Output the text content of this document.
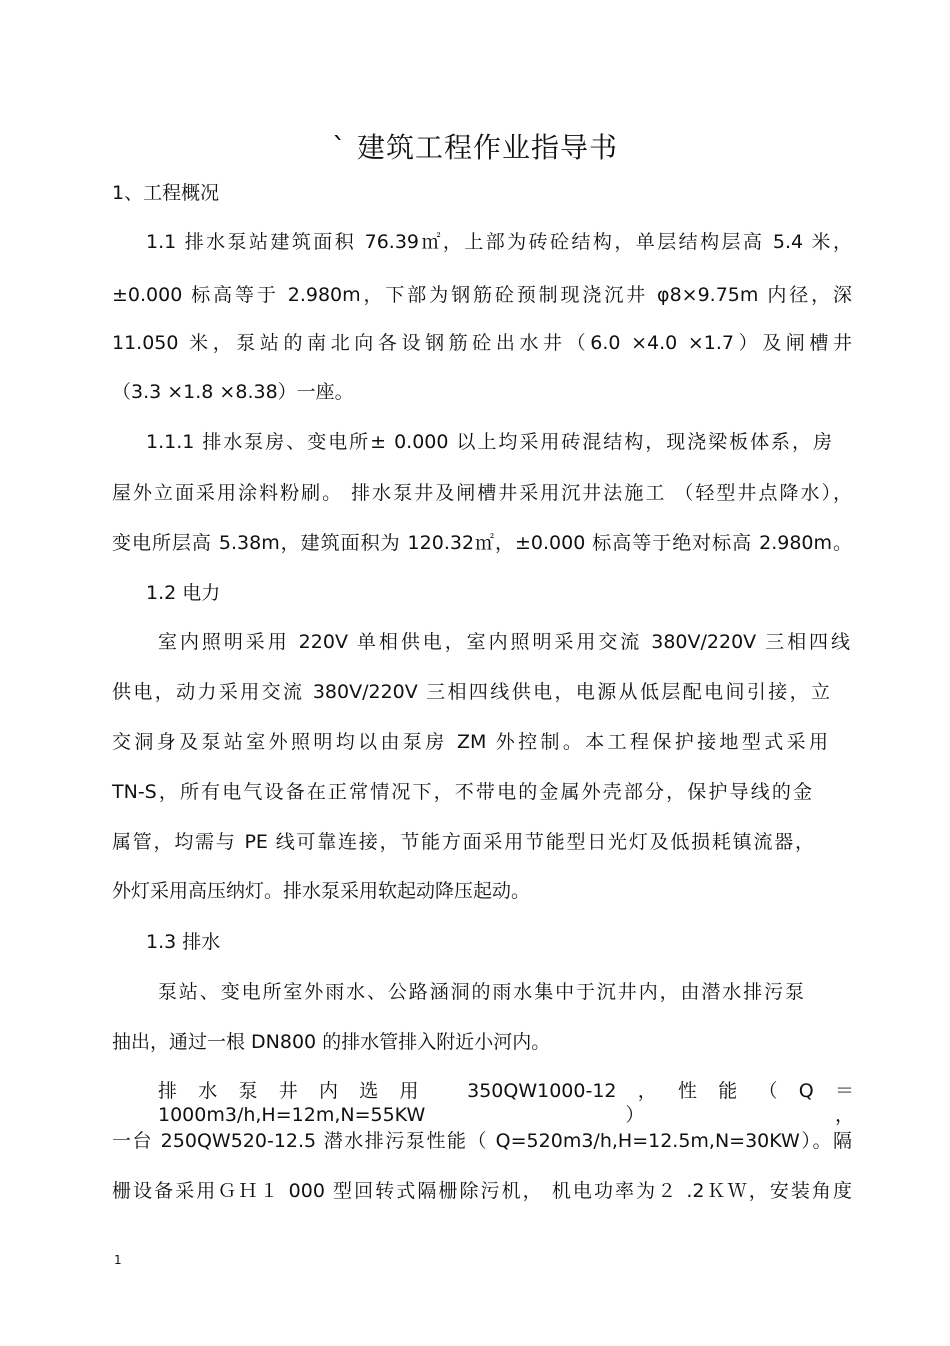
` 建筑工程作业指导书
1、工程概况
1.1 排水泵站建筑面积 76.39㎡，上部为砖砼结构，单层结构层高 5.4 米，
±0.000 标高等于 2.980m，下部为钢筋砼预制现浇沉井 φ8×9.75m 内径，深
11.050 米，泵站的南北向各设钢筋砼出水井（6.0 ×4.0 ×1.7）及闸槽井
（3.3 ×1.8 ×8.38）一座。
1.1.1 排水泵房、变电所± 0.000 以上均采用砖混结构，现浇梁板体系，房
屋外立面采用涂料粉刷。 排水泵井及闸槽井采用沉井法施工 （轻型井点降水），
变电所层高 5.38m，建筑面积为 120.32㎡，±0.000 标高等于绝对标高 2.980m。
1.2 电力
室内照明采用 220V 单相供电，室内照明采用交流 380V/220V 三相四线
供电，动力采用交流 380V/220V 三相四线供电，电源从低层配电间引接，立
交洞身及泵站室外照明均以由泵房 ZM 外控制。本工程保护接地型式采用
TN-S，所有电气设备在正常情况下，不带电的金属外壳部分，保护导线的金
属管，均需与 PE 线可靠连接，节能方面采用节能型日光灯及低损耗镇流器，
外灯采用高压纳灯。排水泵采用软起动降压起动。
1.3 排水
泵站、变电所室外雨水、公路涵洞的雨水集中于沉井内，由潜水排污泵
抽出，通过一根 DN800 的排水管排入附近小河内。
排水泵井内选用 350QW1000-12，性能（Q＝ 1000m3/h,H=12m,N=55KW），
一台 250QW520-12.5 潜水排污泵性能（ Q=520m3/h,H=12.5m,N=30KW）。隔
栅设备采用ＧＨ１ 000 型回转式隔栅除污机， 机电功率为２ .2ＫＷ，安装角度
1
